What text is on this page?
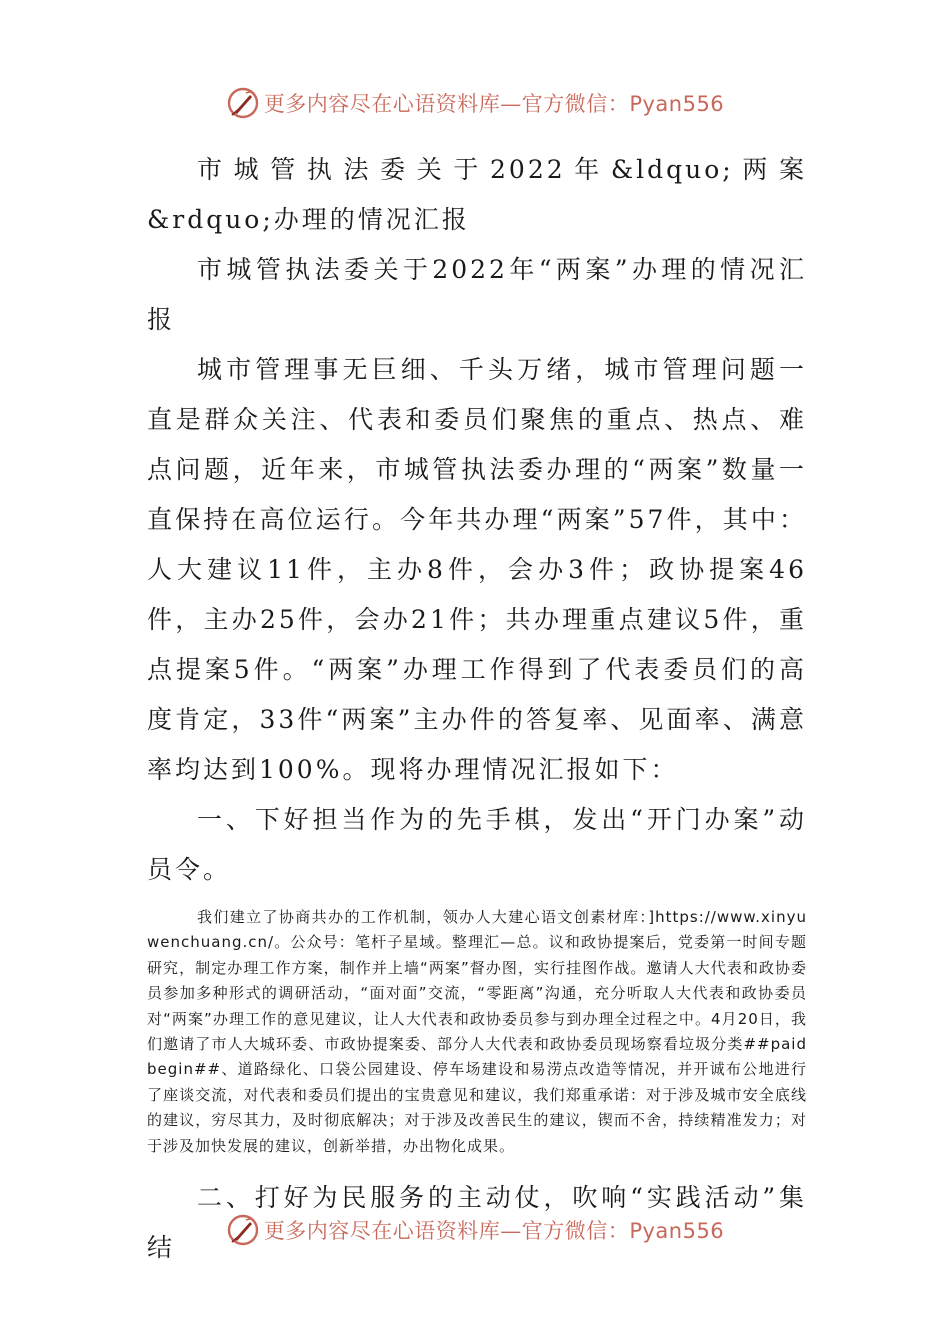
更多内容尽在心语资料库—官方微信：Pyan556

市城管执法委关于2022年&ldquo;两案&rdquo;办理的情况汇报

市城管执法委关于2022年“两案”办理的情况汇报

城市管理事无巨细、千头万绪，城市管理问题一直是群众关注、代表和委员们聚焦的重点、热点、难点问题，近年来，市城管执法委办理的“两案”数量一直保持在高位运行。今年共办理“两案”57件，其中：人大建议11件，主办8件，会办3件；政协提案46件，主办25件，会办21件；共办理重点建议5件，重点提案5件。“两案”办理工作得到了代表委员们的高度肯定，33件“两案”主办件的答复率、见面率、满意率均达到100%。现将办理情况汇报如下：

一、下好担当作为的先手棋，发出“开门办案”动员令。

我们建立了协商共办的工作机制，领办人大建心语文创素材库：]https://www.xinyuwenchuang.cn/。公众号：笔杆子星域。整理汇—总。议和政协提案后，党委第一时间专题研究，制定办理工作方案，制作并上墙“两案”督办图，实行挂图作战。邀请人大代表和政协委员参加多种形式的调研活动，“面对面”交流，“零距离”沟通，充分听取人大代表和政协委员对“两案”办理工作的意见建议，让人大代表和政协委员参与到办理全过程之中。4月20日，我们邀请了市人大城环委、市政协提案委、部分人大代表和政协委员现场察看垃圾分类##paidbegin##、道路绿化、口袋公园建设、停车场建设和易涝点改造等情况，并开诚布公地进行了座谈交流，对代表和委员们提出的宝贵意见和建议，我们郑重承诺：对于涉及城市安全底线的建议，穷尽其力，及时彻底解决；对于涉及改善民生的建议，锲而不舍，持续精准发力；对于涉及加快发展的建议，创新举措，办出物化成果。

二、打好为民服务的主动仗，吹响“实践活动”集结

更多内容尽在心语资料库—官方微信：Pyan556
